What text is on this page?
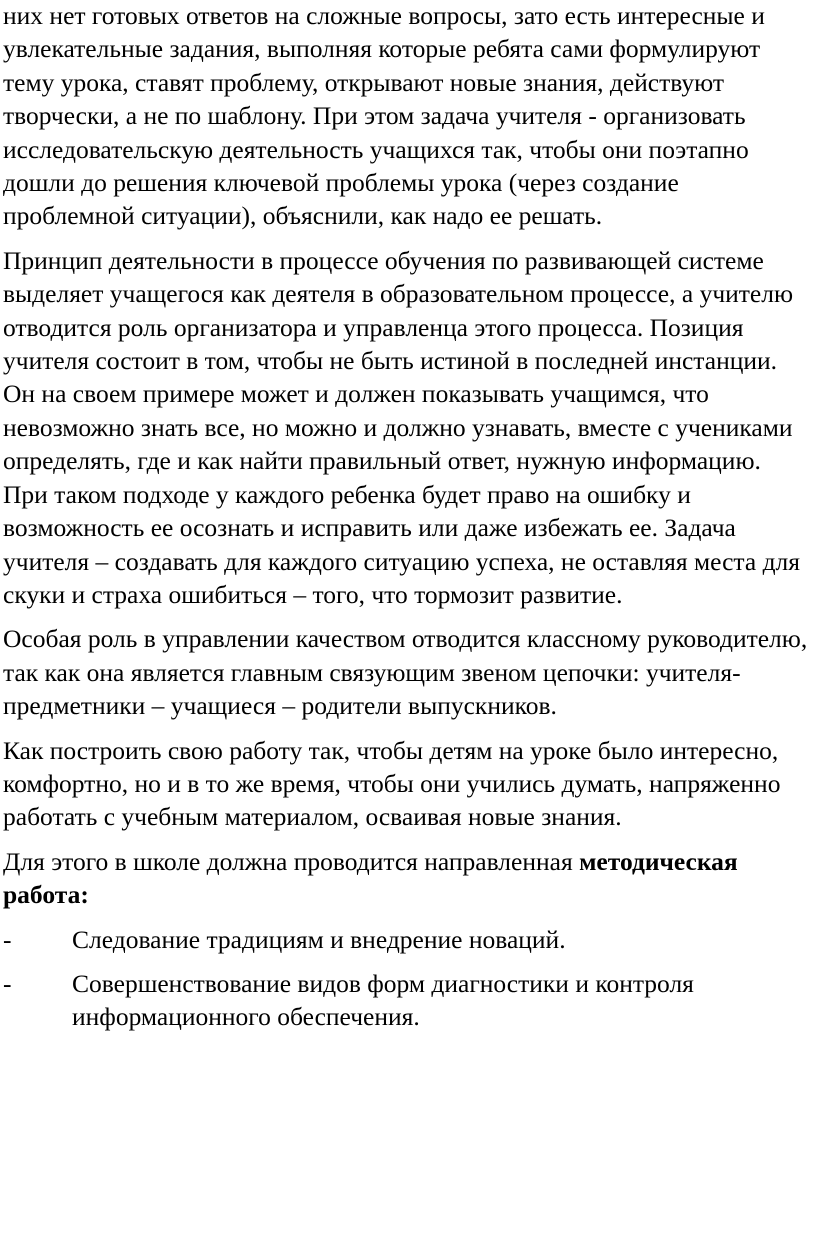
них нет готовых ответов на сложные вопросы, зато есть интересные и увлекательные задания, выполняя которые ребята сами формулируют тему урока, ставят проблему, открывают новые знания, действуют творчески, а не по шаблону. При этом задача учителя - организовать исследовательскую деятельность учащихся так, чтобы они поэтапно дошли до решения ключевой проблемы урока (через создание проблемной ситуации), объяснили, как надо ее решать.

Принцип деятельности в процессе обучения по развивающей системе выделяет учащегося как деятеля в образовательном процессе, а учителю отводится роль организатора и управленца этого процесса. Позиция учителя состоит в том, чтобы не быть истиной в последней инстанции. Он на своем примере может и должен показывать учащимся, что невозможно знать все, но можно и должно узнавать, вместе с учениками определять, где и как найти правильный ответ, нужную информацию. При таком подходе у каждого ребенка будет право на ошибку и возможность ее осознать и исправить или даже избежать ее. Задача учителя – создавать для каждого ситуацию успеха, не оставляя места для скуки и страха ошибиться – того, что тормозит развитие.

Особая роль в управлении качеством отводится классному руководителю, так как она является главным связующим звеном цепочки: учителя-предметники – учащиеся – родители выпускников.

Как построить свою работу так, чтобы детям на уроке было интересно, комфортно, но и в то же время, чтобы они учились думать, напряженно работать с учебным материалом, осваивая новые знания.

Для этого в школе должна проводится направленная методическая работа:

- Следование традициям и внедрение новаций.

- Совершенствование видов форм диагностики и контроля информационного обеспечения.
